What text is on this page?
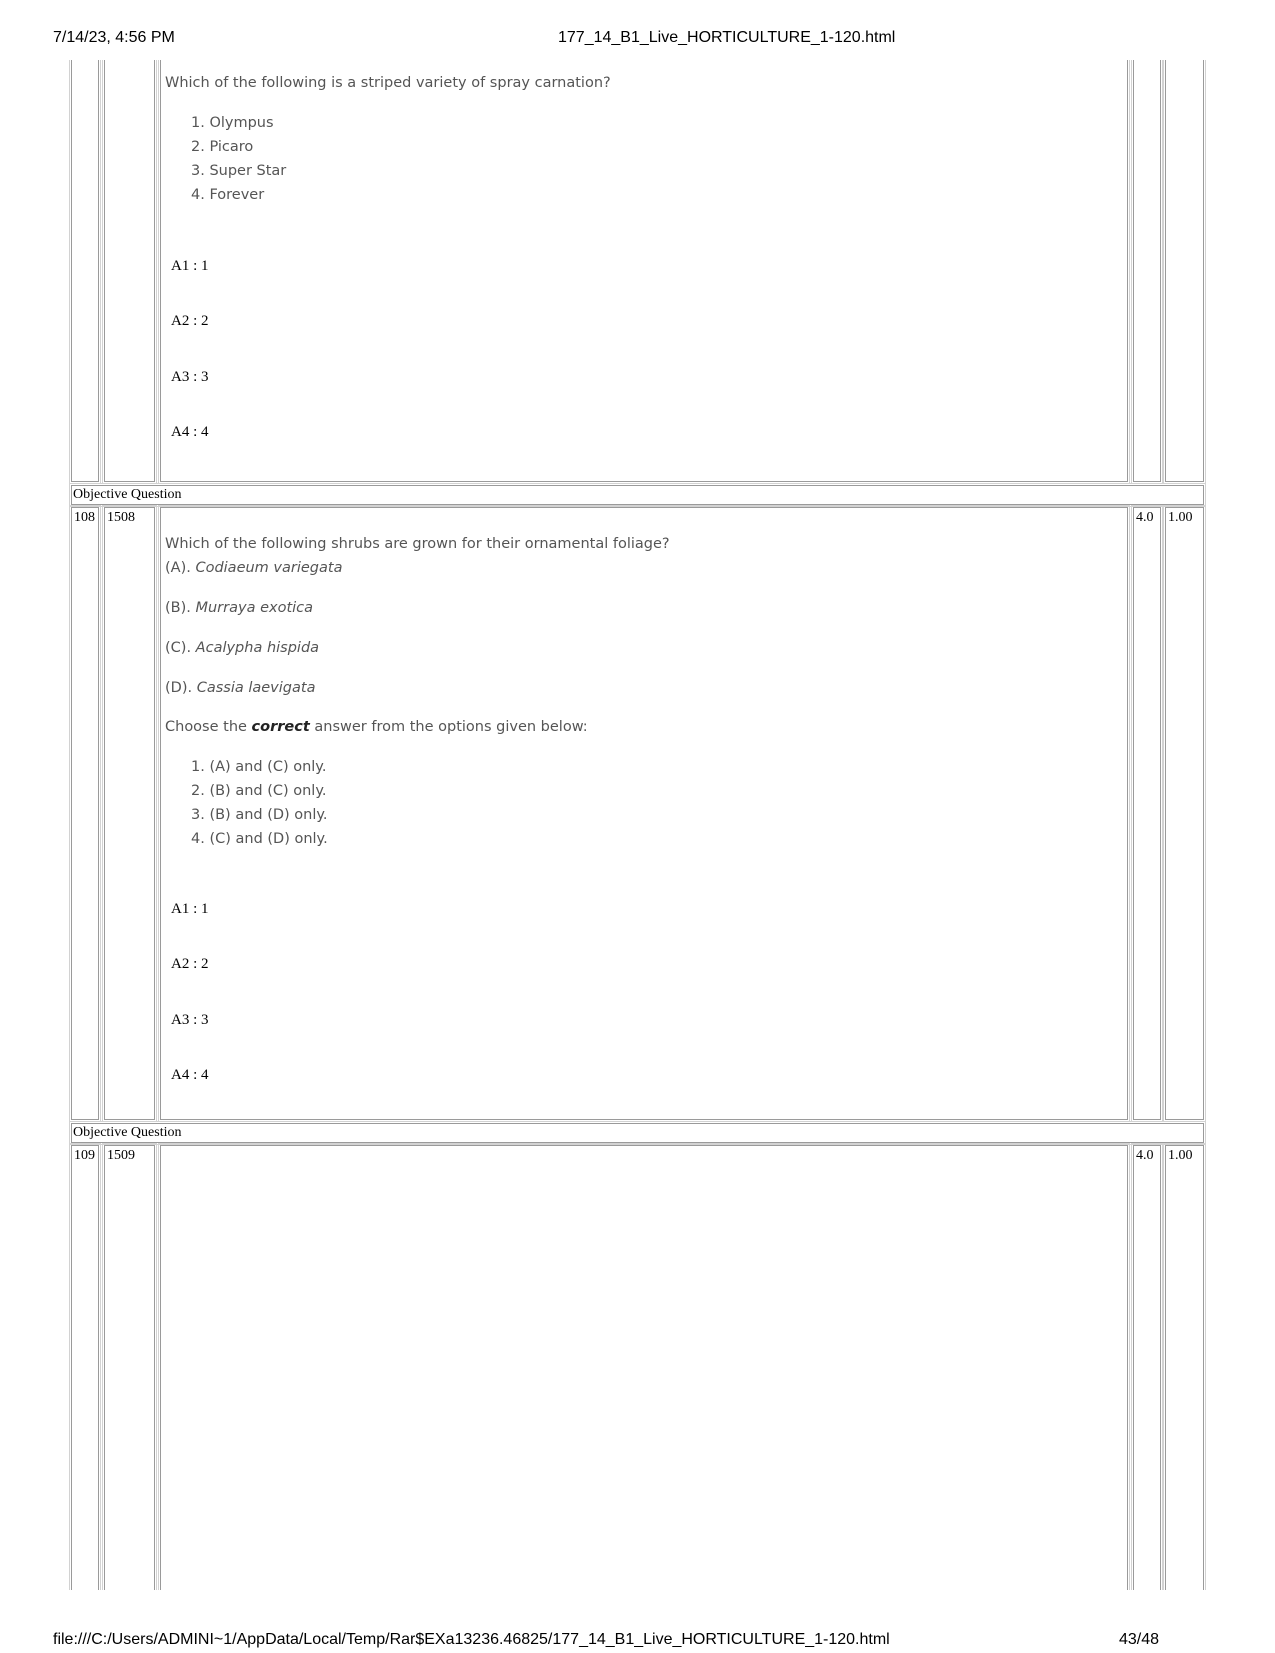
7/14/23, 4:56 PM	177_14_B1_Live_HORTICULTURE_1-120.html

Which of the following is a striped variety of spray carnation?

1. Olympus
2. Picaro
3. Super Star
4. Forever
A1 : 1
A2 : 2
A3 : 3
A4 : 4
Objective Question
108 1508

Which of the following shrubs are grown for their ornamental foliage?

(A). Codiaeum variegata

(B). Murraya exotica

(C). Acalypha hispida

(D). Cassia laevigata

Choose the correct answer from the options given below:

1. (A) and (C) only.
2. (B) and (C) only.
3. (B) and (D) only.
4. (C) and (D) only.
A1 : 1
A2 : 2
A3 : 3
A4 : 4
4.0	1.00
Objective Question
109 1509	4.0	1.00
file:///C:/Users/ADMINI~1/AppData/Local/Temp/Rar$EXa13236.46825/177_14_B1_Live_HORTICULTURE_1-120.html	43/48
